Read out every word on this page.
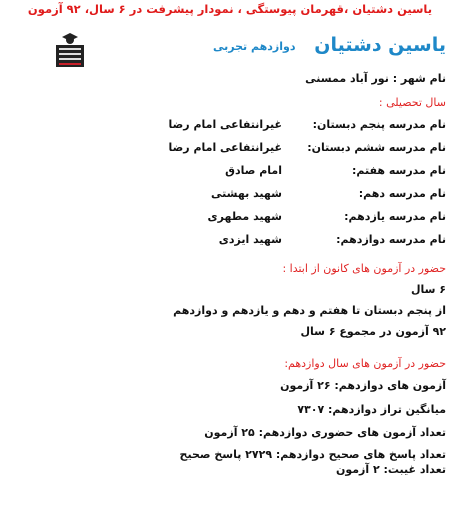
یاسین دشتیان ،قهرمان پیوستگی ، نمودار پیشرفت در ۶ سال، ۹۲ آزمون
یاسین دشتیان
دوازدهم تجربی
نام شهر : نور آباد ممسنی
سال تحصیلی :
نام مدرسه پنجم دبستان:
غیرانتفاعی امام رضا
نام مدرسه ششم دبستان:
غیرانتفاعی امام رضا
نام مدرسه هفتم:
امام صادق
نام مدرسه دهم:
شهید بهشتی
نام مدرسه یازدهم:
شهید مطهری
نام مدرسه دوازدهم:
شهید ایزدی
حضور در آزمون های کانون از ابتدا :
۶ سال
از پنجم دبستان تا هفتم و دهم و یازدهم و دوازدهم
۹۲ آزمون در مجموع ۶ سال
حضور در آزمون های سال دوازدهم:
آزمون های دوازدهم: ۲۶ آزمون
میانگین تراز دوازدهم: ۷۳۰۷
تعداد آزمون های حضوری دوازدهم: ۲۵ آزمون
تعداد پاسخ های صحیح دوازدهم: ۲۷۲۹ پاسخ صحیح
تعداد غیبت: ۲ آزمون
